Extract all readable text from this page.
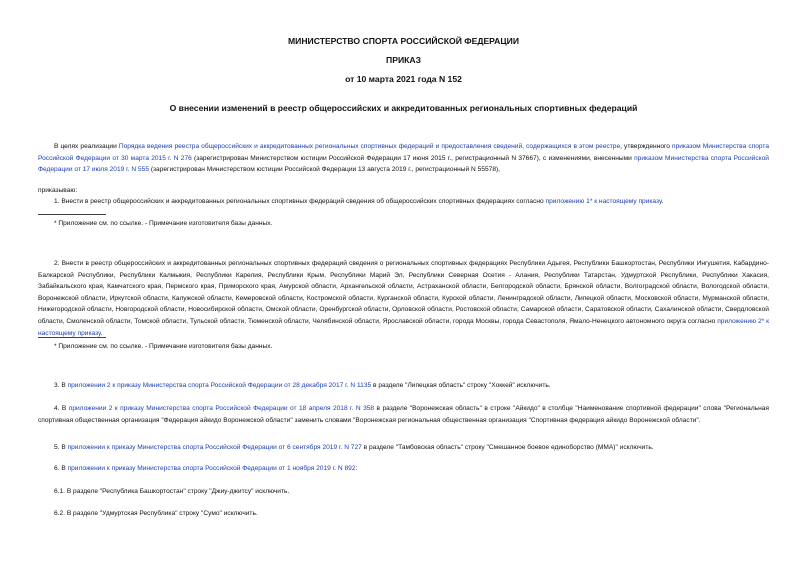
МИНИСТЕРСТВО СПОРТА РОССИЙСКОЙ ФЕДЕРАЦИИ
ПРИКАЗ
от 10 марта 2021 года N 152
О внесении изменений в реестр общероссийских и аккредитованных региональных спортивных федераций
В целях реализации Порядка ведения реестра общероссийских и аккредитованных региональных спортивных федераций и предоставления сведений, содержащихся в этом реестре, утвержденного приказом Министерства спорта Российской Федерации от 30 марта 2015 г. N 276 (зарегистрирован Министерством юстиции Российской Федерации 17 июня 2015 г., регистрационный N 37667), с изменениями, внесенными приказом Министерства спорта Российской Федерации от 17 июля 2019 г. N 555 (зарегистрирован Министерством юстиции Российской Федерации 13 августа 2019 г., регистрационный N 55578),
приказываю:
1. Внести в реестр общероссийских и аккредитованных региональных спортивных федераций сведения об общероссийских спортивных федерациях согласно приложению 1* к настоящему приказу.
* Приложение см. по ссылке. - Примечание изготовителя базы данных.
2. Внести в реестр общероссийских и аккредитованных региональных спортивных федераций сведения о региональных спортивных федерациях Республики Адыгея, Республики Башкортостан, Республики Ингушетия, Кабардино-Балкарской Республики, Республики Калмыкия, Республики Карелия, Республики Крым, Республики Марий Эл, Республики Северная Осетия - Алания, Республики Татарстан, Удмуртской Республики, Республики Хакасия, Забайкальского края, Камчатского края, Пермского края, Приморского края, Амурской области, Архангельской области, Астраханской области, Белгородской области, Брянской области, Волгоградской области, Вологодской области, Воронежской области, Иркутской области, Калужской области, Кемеровской области, Костромской области, Курганской области, Курской области, Ленинградской области, Липецкой области, Московской области, Мурманской области, Нижегородской области, Новгородской области, Новосибирской области, Омской области, Оренбургской области, Орловской области, Ростовской области, Самарской области, Саратовской области, Сахалинской области, Свердловской области, Смоленской области, Томской области, Тульской области, Тюменской области, Челябинской области, Ярославской области, города Москвы, города Севастополя, Ямало-Ненецкого автономного округа согласно приложению 2* к настоящему приказу.
* Приложение см. по ссылке. - Примечание изготовителя базы данных.
3. В приложении 2 к приказу Министерства спорта Российской Федерации от 28 декабря 2017 г. N 1135 в разделе "Липецкая область" строку "Хоккей" исключить.
4. В приложении 2 к приказу Министерства спорта Российской Федерации от 18 апреля 2018 г. N 358 в разделе "Воронежская область" в строке "Айкидо" в столбце "Наименование спортивной федерации" слова "Региональная спортивная общественная организация "Федерация айкидо Воронежской области" заменить словами "Воронежская региональная общественная организация "Спортивная федерация айкидо Воронежской области".
5. В приложении к приказу Министерства спорта Российской Федерации от 6 сентября 2019 г. N 727 в разделе "Тамбовская область" строку "Смешанное боевое единоборство (ММА)" исключить.
6. В приложении к приказу Министерства спорта Российской Федерации от 1 ноября 2019 г. N 892:
6.1. В разделе "Республика Башкортостан" строку "Джиу-джитсу" исключить.
6.2. В разделе "Удмуртская Республика" строку "Сумо" исключить.
